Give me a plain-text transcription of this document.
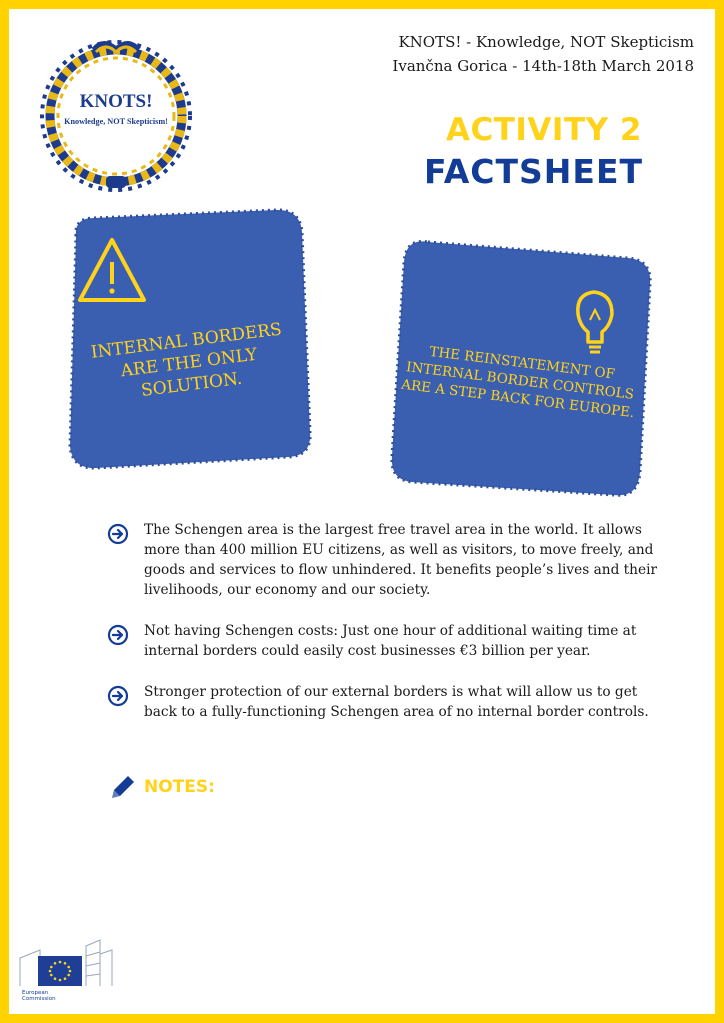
KNOTS!
Knowledge, NOT Skepticism!
KNOTS! - Knowledge, NOT Skepticism
Ivančna Gorica - 14th-18th March 2018
ACTIVITY 2
FACTSHEET
INTERNAL BORDERS ARE THE ONLY SOLUTION.
THE REINSTATEMENT OF INTERNAL BORDER CONTROLS ARE A STEP BACK FOR EUROPE.
The Schengen area is the largest free travel area in the world. It allows more than 400 million EU citizens, as well as visitors, to move freely, and goods and services to flow unhindered. It benefits people’s lives and their livelihoods, our economy and our society.
Not having Schengen costs: Just one hour of additional waiting time at internal borders could easily cost businesses €3 billion per year.
Stronger protection of our external borders is what will allow us to get back to a fully-functioning Schengen area of no internal border controls.
NOTES:
European
Commission
